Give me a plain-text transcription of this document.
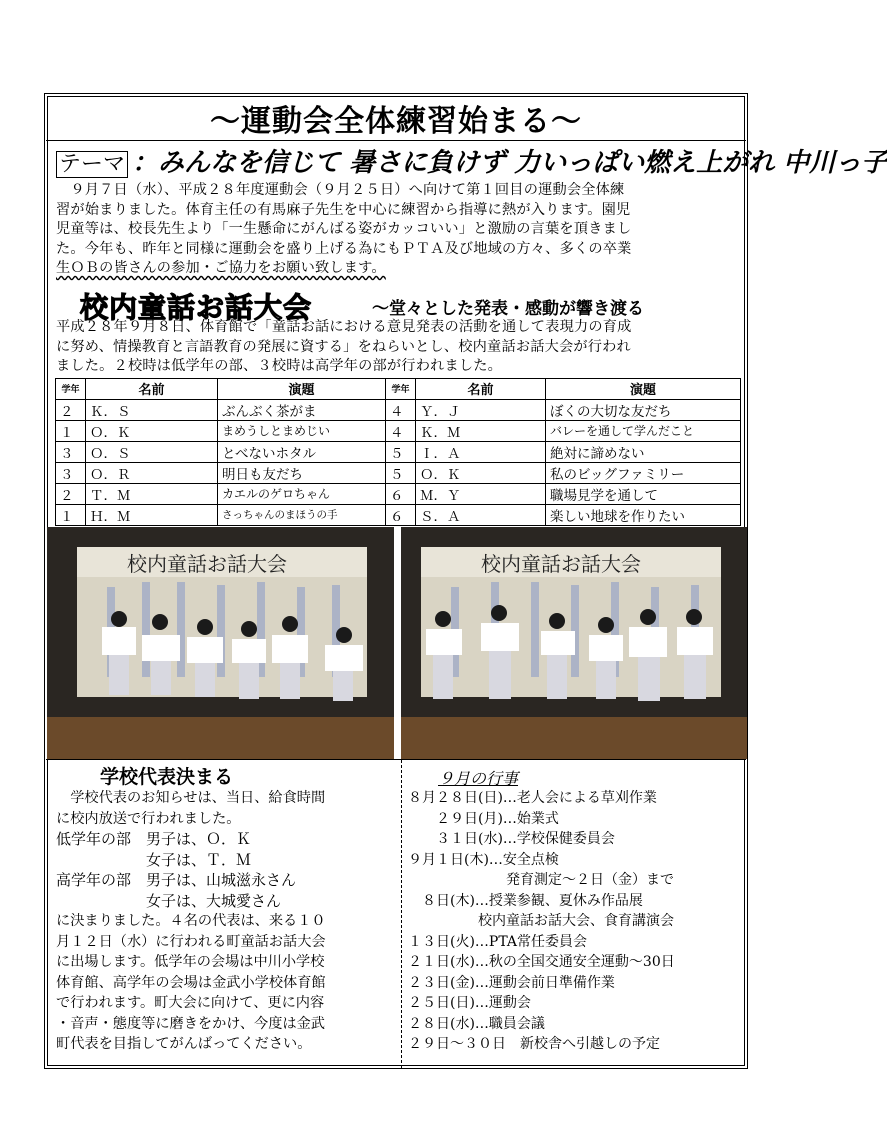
～運動会全体練習始まる～
テーマ ：みんなを信じて 暑さに負けず 力いっぱい燃え上がれ 中川っ子
　９月７日（水）、平成２８年度運動会（９月２５日）へ向けて第１回目の運動会全体練
習が始まりました。体育主任の有馬麻子先生を中心に練習から指導に熱が入ります。園児
児童等は、校長先生より「一生懸命にがんばる姿がカッコいい」と激励の言葉を頂きまし
た。今年も、昨年と同様に運動会を盛り上げる為にもＰＴＡ及び地域の方々、多くの卒業
生ＯＢの皆さんの参加・ご協力をお願い致します。
校内童話お話大会	～堂々とした発表・感動が響き渡る
平成２８年９月８日、体育館で「童話お話における意見発表の活動を通して表現力の育成
に努め、情操教育と言語教育の発展に資する」をねらいとし、校内童話お話大会が行われ
ました。２校時は低学年の部、３校時は高学年の部が行われました。
学年	名前	演題	学年	名前	演題
２	Ｋ．Ｓ	ぶんぶく茶がま	４	Ｙ．Ｊ	ぼくの大切な友だち
１	Ｏ．Ｋ	まめうしとまめじい	４	Ｋ．Ｍ	バレーを通して学んだこと
３	Ｏ．Ｓ	とべないホタル	５	Ｉ．Ａ	絶対に諦めない
３	Ｏ．Ｒ	明日も友だち	５	Ｏ．Ｋ	私のビッグファミリー
２	Ｔ．Ｍ	カエルのゲロちゃん	６	Ｍ．Ｙ	職場見学を通して
１	Ｈ．Ｍ	さっちゃんのまほうの手	６	Ｓ．Ａ	楽しい地球を作りたい
校内童話お話大会	校内童話お話大会
学校代表決まる	９月の行事
　学校代表のお知らせは、当日、給食時間
に校内放送で行われました。
低学年の部　男子は、Ｏ．Ｋ
　　　　　　女子は、Ｔ．Ｍ
高学年の部　男子は、山城滋永さん
　　　　　　女子は、大城愛さん
に決まりました。４名の代表は、来る１０
月１２日（水）に行われる町童話お話大会
に出場します。低学年の会場は中川小学校
体育館、高学年の会場は金武小学校体育館
で行われます。町大会に向けて、更に内容
・音声・態度等に磨きをかけ、今度は金武
町代表を目指してがんばってください。
８月２８日(日)…老人会による草刈作業
　　２９日(月)…始業式
　　３１日(水)…学校保健委員会
９月１日(木)…安全点検
　　　　　　　発育測定～２日（金）まで
　８日(木)…授業参観、夏休み作品展
　　　　　校内童話お話大会、食育講演会
１３日(火)…PTA常任委員会
２１日(水)…秋の全国交通安全運動～30日
２３日(金)…運動会前日準備作業
２５日(日)…運動会
２８日(水)…職員会議
２９日～３０日　新校舎へ引越しの予定
